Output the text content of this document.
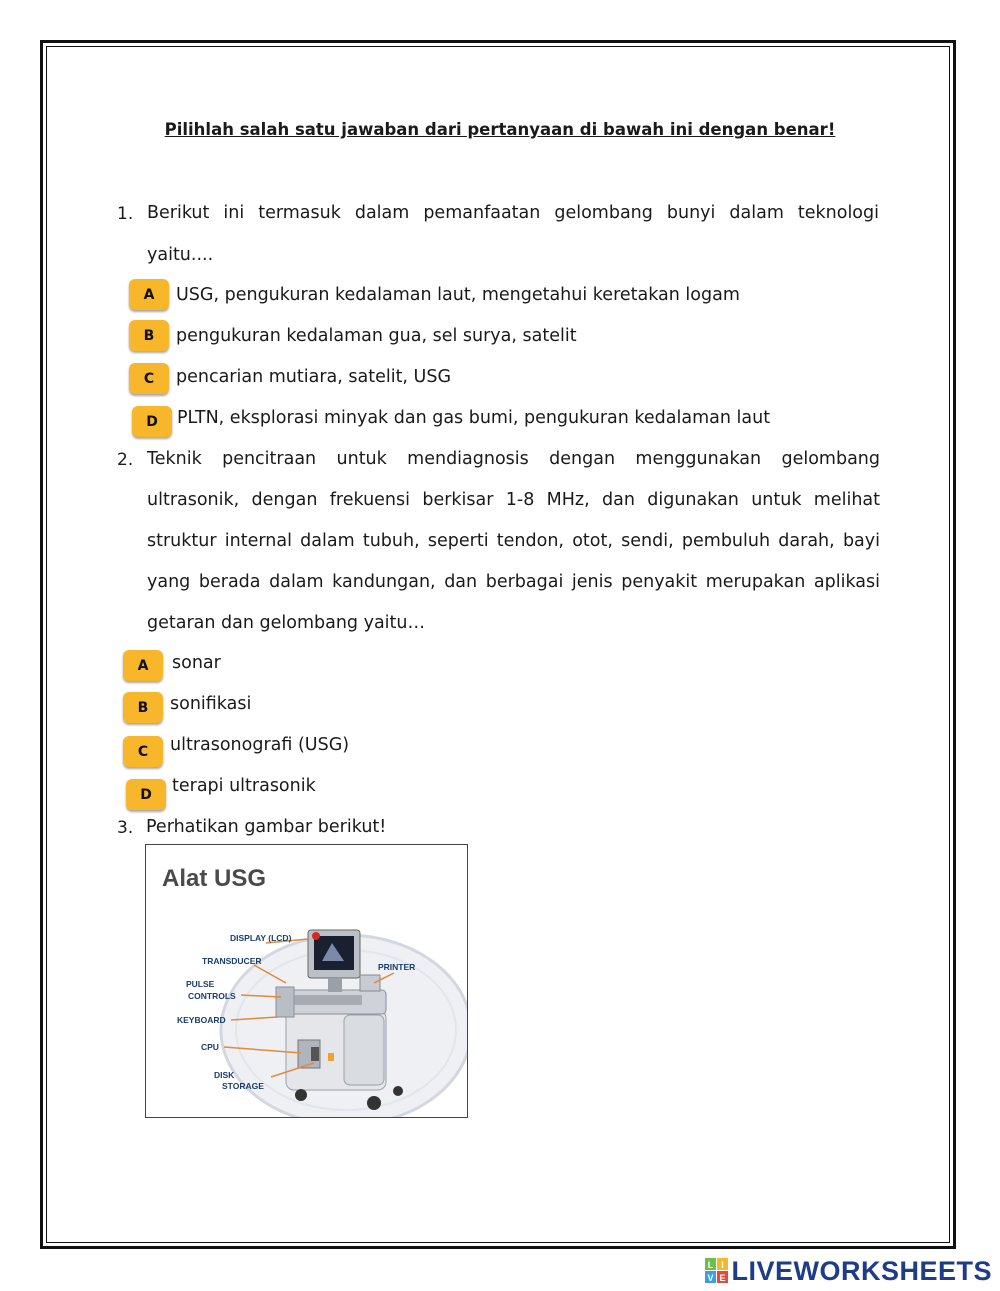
Pilihlah salah satu jawaban dari pertanyaan di bawah ini dengan benar!
1. Berikut ini termasuk dalam pemanfaatan gelombang bunyi dalam teknologi
yaitu....
A	USG, pengukuran kedalaman laut, mengetahui keretakan logam
B	pengukuran kedalaman gua, sel surya, satelit
C	pencarian mutiara, satelit, USG
D	PLTN, eksplorasi minyak dan gas bumi, pengukuran kedalaman laut
2. Teknik pencitraan untuk mendiagnosis dengan menggunakan gelombang
ultrasonik, dengan frekuensi berkisar 1-8 MHz, dan digunakan untuk melihat
struktur internal dalam tubuh, seperti tendon, otot, sendi, pembuluh darah, bayi
yang berada dalam kandungan, dan berbagai jenis penyakit merupakan aplikasi
getaran dan gelombang yaitu…
A	sonar
B	sonifikasi
C	ultrasonografi (USG)
D	terapi ultrasonik
3. Perhatikan gambar berikut!
Alat USG
DISPLAY (LCD)
TRANSDUCER
PRINTER
PULSE
CONTROLS
KEYBOARD
CPU
DISK
STORAGE
L I
V E LIVEWORKSHEETS
